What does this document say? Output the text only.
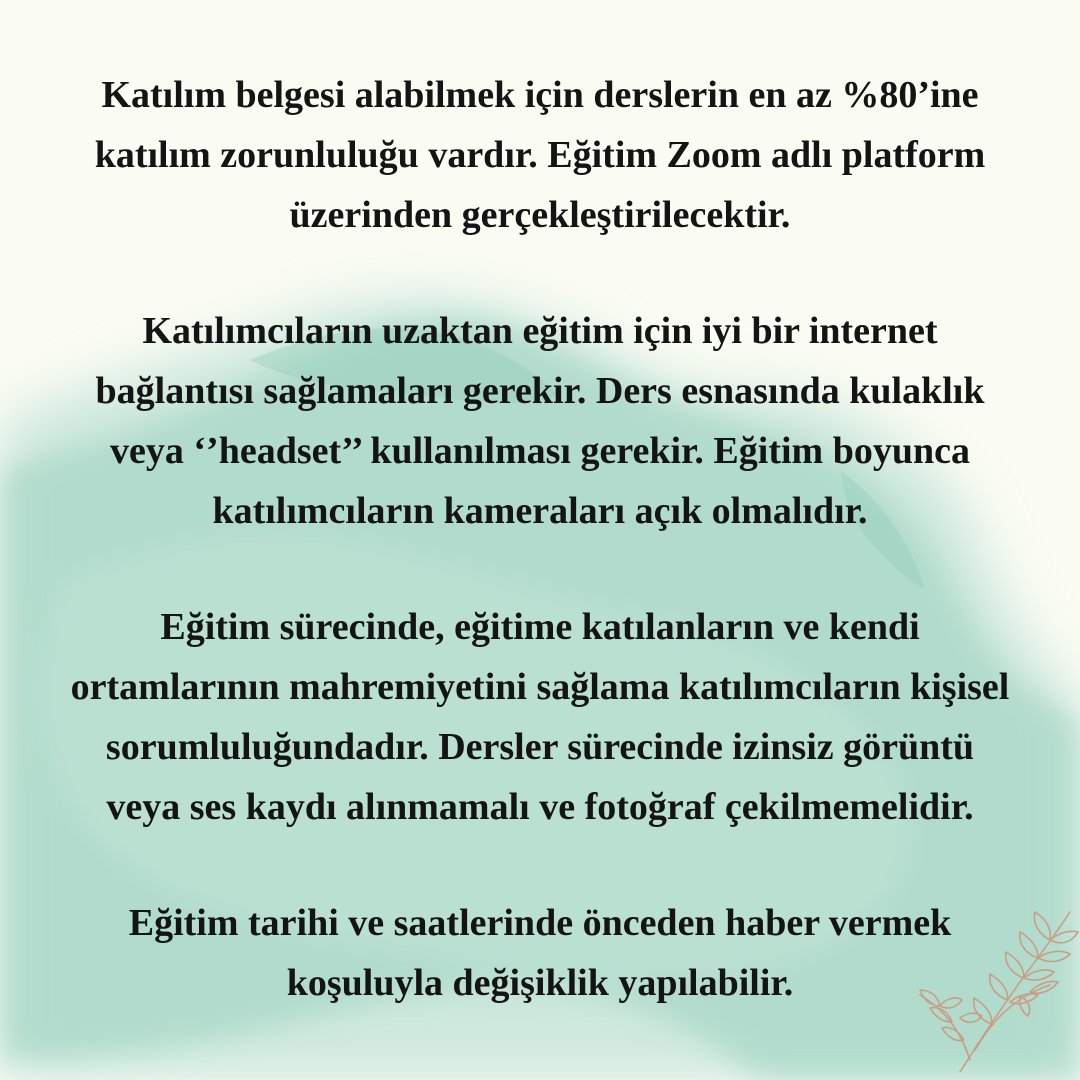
Katılım belgesi alabilmek için derslerin en az %80’ine
katılım zorunluluğu vardır. Eğitim Zoom adlı platform
üzerinden gerçekleştirilecektir.
Katılımcıların uzaktan eğitim için iyi bir internet
bağlantısı sağlamaları gerekir. Ders esnasında kulaklık
veya ‘’headset’’ kullanılması gerekir. Eğitim boyunca
katılımcıların kameraları açık olmalıdır.
Eğitim sürecinde, eğitime katılanların ve kendi
ortamlarının mahremiyetini sağlama katılımcıların kişisel
sorumluluğundadır. Dersler sürecinde izinsiz görüntü
veya ses kaydı alınmamalı ve fotoğraf çekilmemelidir.
Eğitim tarihi ve saatlerinde önceden haber vermek
koşuluyla değişiklik yapılabilir.
